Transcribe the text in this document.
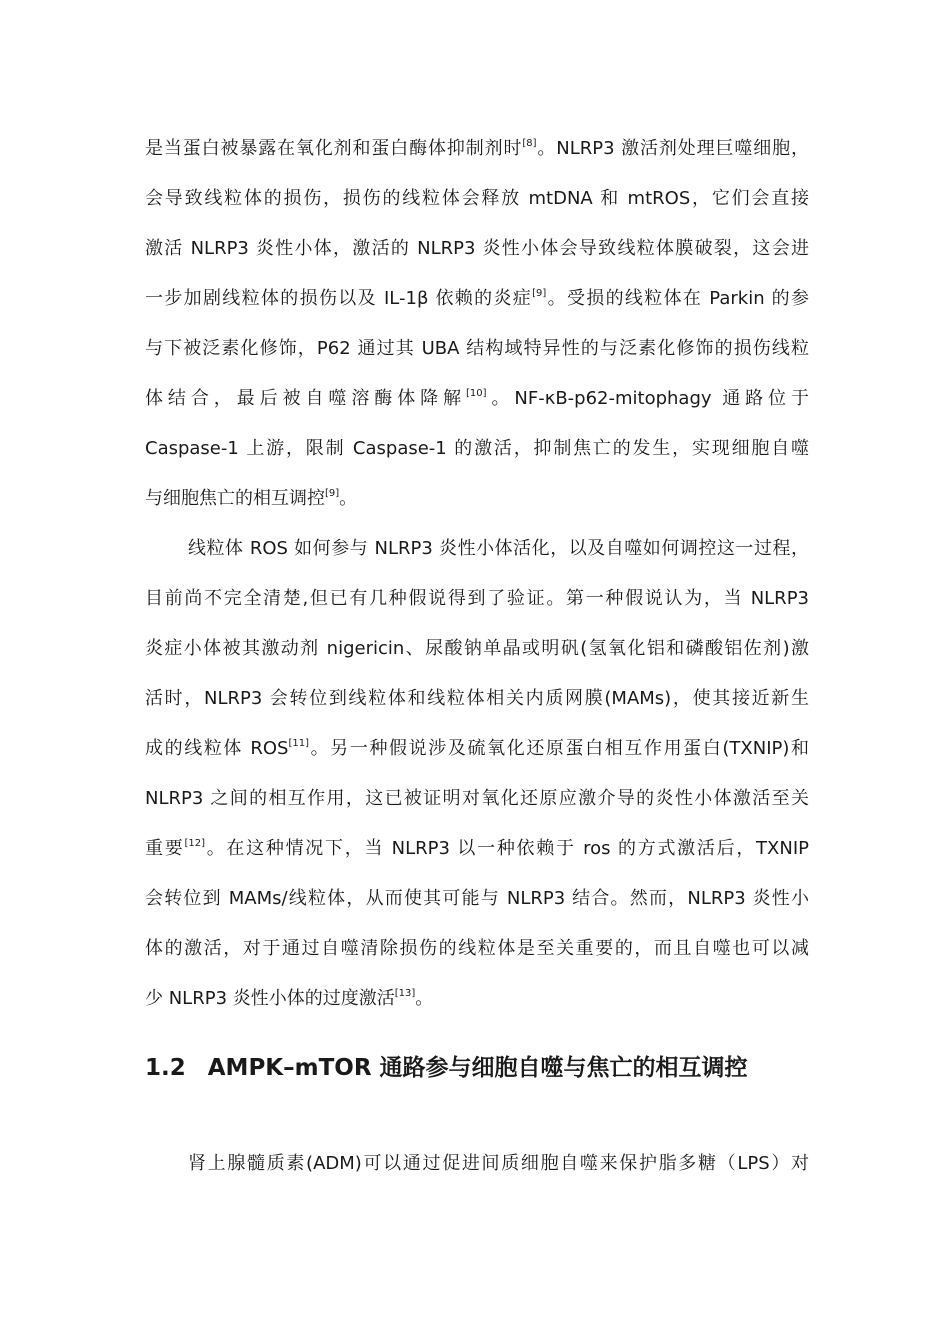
是当蛋白被暴露在氧化剂和蛋白酶体抑制剂时[8]。NLRP3 激活剂处理巨噬细胞，
会导致线粒体的损伤，损伤的线粒体会释放 mtDNA 和 mtROS，它们会直接
激活 NLRP3 炎性小体，激活的 NLRP3 炎性小体会导致线粒体膜破裂，这会进
一步加剧线粒体的损伤以及 IL-1β 依赖的炎症[9]。受损的线粒体在 Parkin 的参
与下被泛素化修饰，P62 通过其 UBA 结构域特异性的与泛素化修饰的损伤线粒
体结合，最后被自噬溶酶体降解[10]。NF-κB-p62-mitophagy 通路位于
Caspase-1 上游，限制 Caspase-1 的激活，抑制焦亡的发生，实现细胞自噬
与细胞焦亡的相互调控[9]。
线粒体 ROS 如何参与 NLRP3 炎性小体活化，以及自噬如何调控这一过程，
目前尚不完全清楚,但已有几种假说得到了验证。第一种假说认为，当 NLRP3
炎症小体被其激动剂 nigericin、尿酸钠单晶或明矾(氢氧化铝和磷酸铝佐剂)激
活时，NLRP3 会转位到线粒体和线粒体相关内质网膜(MAMs)，使其接近新生
成的线粒体 ROS[11]。另一种假说涉及硫氧化还原蛋白相互作用蛋白(TXNIP)和
NLRP3 之间的相互作用，这已被证明对氧化还原应激介导的炎性小体激活至关
重要[12]。在这种情况下，当 NLRP3 以一种依赖于 ros 的方式激活后，TXNIP
会转位到 MAMs/线粒体，从而使其可能与 NLRP3 结合。然而，NLRP3 炎性小
体的激活，对于通过自噬清除损伤的线粒体是至关重要的，而且自噬也可以减
少 NLRP3 炎性小体的过度激活[13]。
1.2 AMPK–mTOR 通路参与细胞自噬与焦亡的相互调控
肾上腺髓质素(ADM)可以通过促进间质细胞自噬来保护脂多糖（LPS）对
